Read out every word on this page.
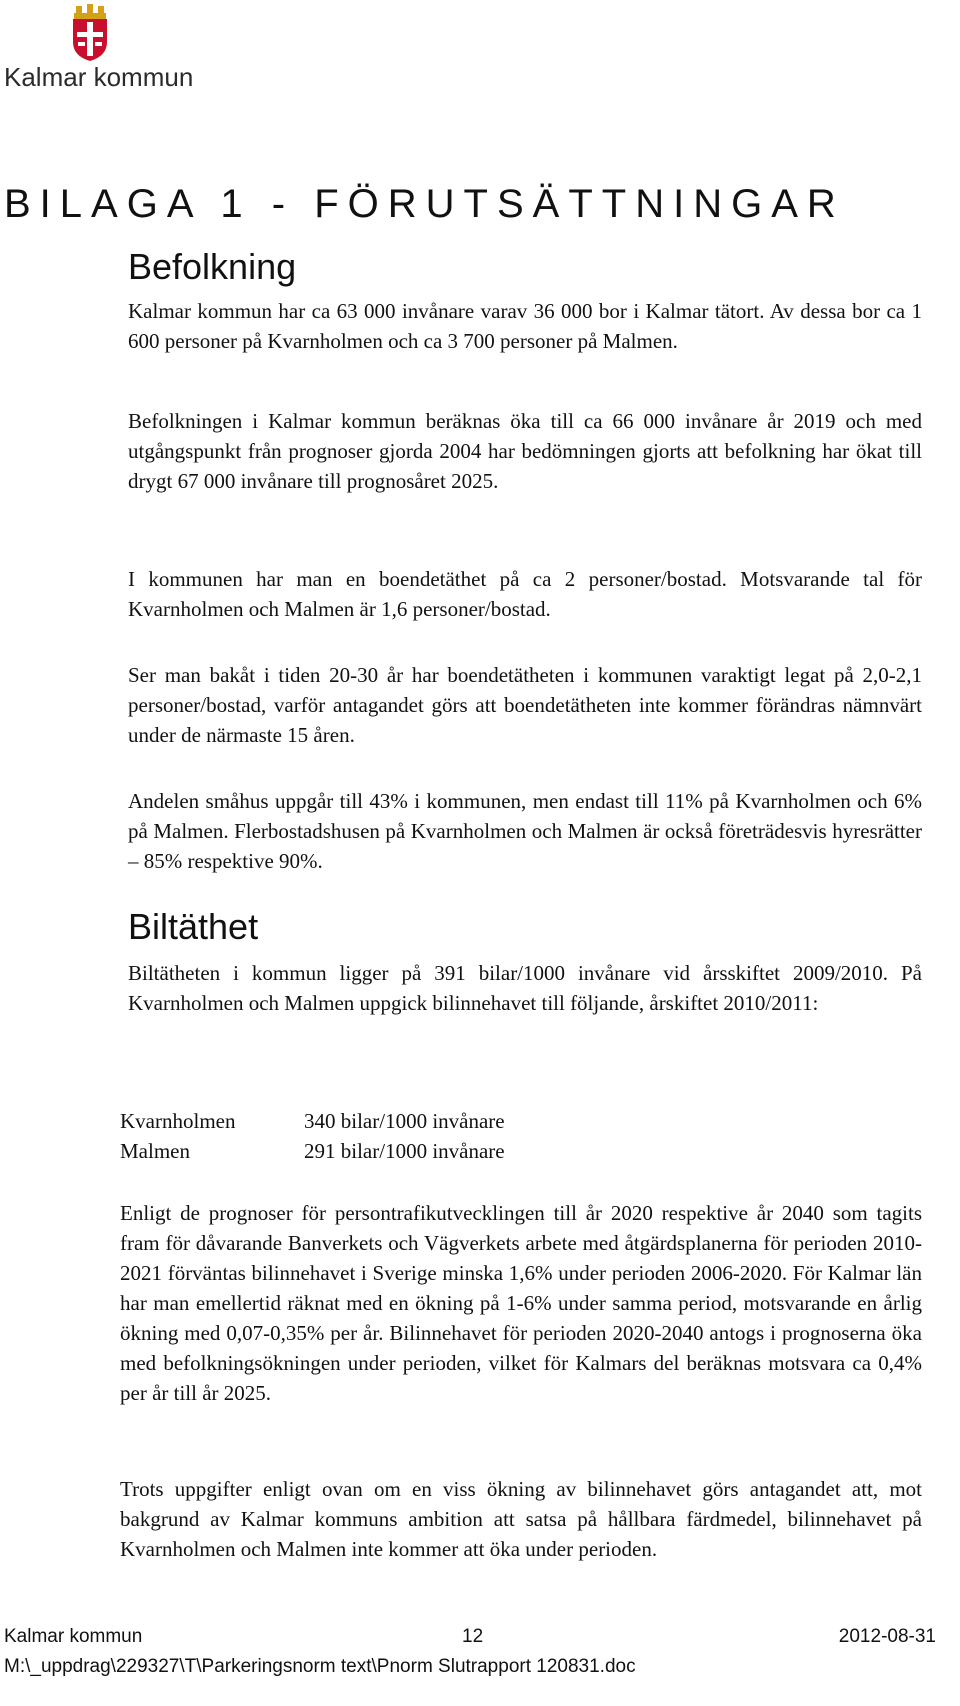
Kalmar kommun
BILAGA 1 - FÖRUTSÄTTNINGAR
Befolkning

Kalmar kommun har ca 63 000 invånare varav 36 000 bor i Kalmar tätort. Av dessa bor ca 1 600 personer på Kvarnholmen och ca 3 700 personer på Malmen.

Befolkningen i Kalmar kommun beräknas öka till ca 66 000 invånare år 2019 och med utgångspunkt från prognoser gjorda 2004 har bedömningen gjorts att befolkning har ökat till drygt 67 000 invånare till prognosåret 2025.

I kommunen har man en boendetäthet på ca 2 personer/bostad. Motsvarande tal för Kvarnholmen och Malmen är 1,6 personer/bostad.

Ser man bakåt i tiden 20-30 år har boendetätheten i kommunen varaktigt legat på 2,0-2,1 personer/bostad, varför antagandet görs att boendetätheten inte kommer förändras nämnvärt under de närmaste 15 åren.

Andelen småhus uppgår till 43% i kommunen, men endast till 11% på Kvarnholmen och 6% på Malmen. Flerbostadshusen på Kvarnholmen och Malmen är också företrädesvis hyresrätter – 85% respektive 90%.

Biltäthet

Biltätheten i kommun ligger på 391 bilar/1000 invånare vid årsskiftet 2009/2010. På Kvarnholmen och Malmen uppgick bilinnehavet till följande, årskiftet 2010/2011:

Kvarnholmen	340 bilar/1000 invånare
Malmen	291 bilar/1000 invånare

Enligt de prognoser för persontrafikutvecklingen till år 2020 respektive år 2040 som tagits fram för dåvarande Banverkets och Vägverkets arbete med åtgärdsplanerna för perioden 2010-2021 förväntas bilinnehavet i Sverige minska 1,6% under perioden 2006-2020. För Kalmar län har man emellertid räknat med en ökning på 1-6% under samma period, motsvarande en årlig ökning med 0,07-0,35% per år. Bilinnehavet för perioden 2020-2040 antogs i prognoserna öka med befolkningsökningen under perioden, vilket för Kalmars del beräknas motsvara ca 0,4% per år till år 2025.

Trots uppgifter enligt ovan om en viss ökning av bilinnehavet görs antagandet att, mot bakgrund av Kalmar kommuns ambition att satsa på hållbara färdmedel, bilinnehavet på Kvarnholmen och Malmen inte kommer att öka under perioden.

Kalmar kommun	12	2012-08-31
M:\_uppdrag\229327\T\Parkeringsnorm text\Pnorm Slutrapport 120831.doc
